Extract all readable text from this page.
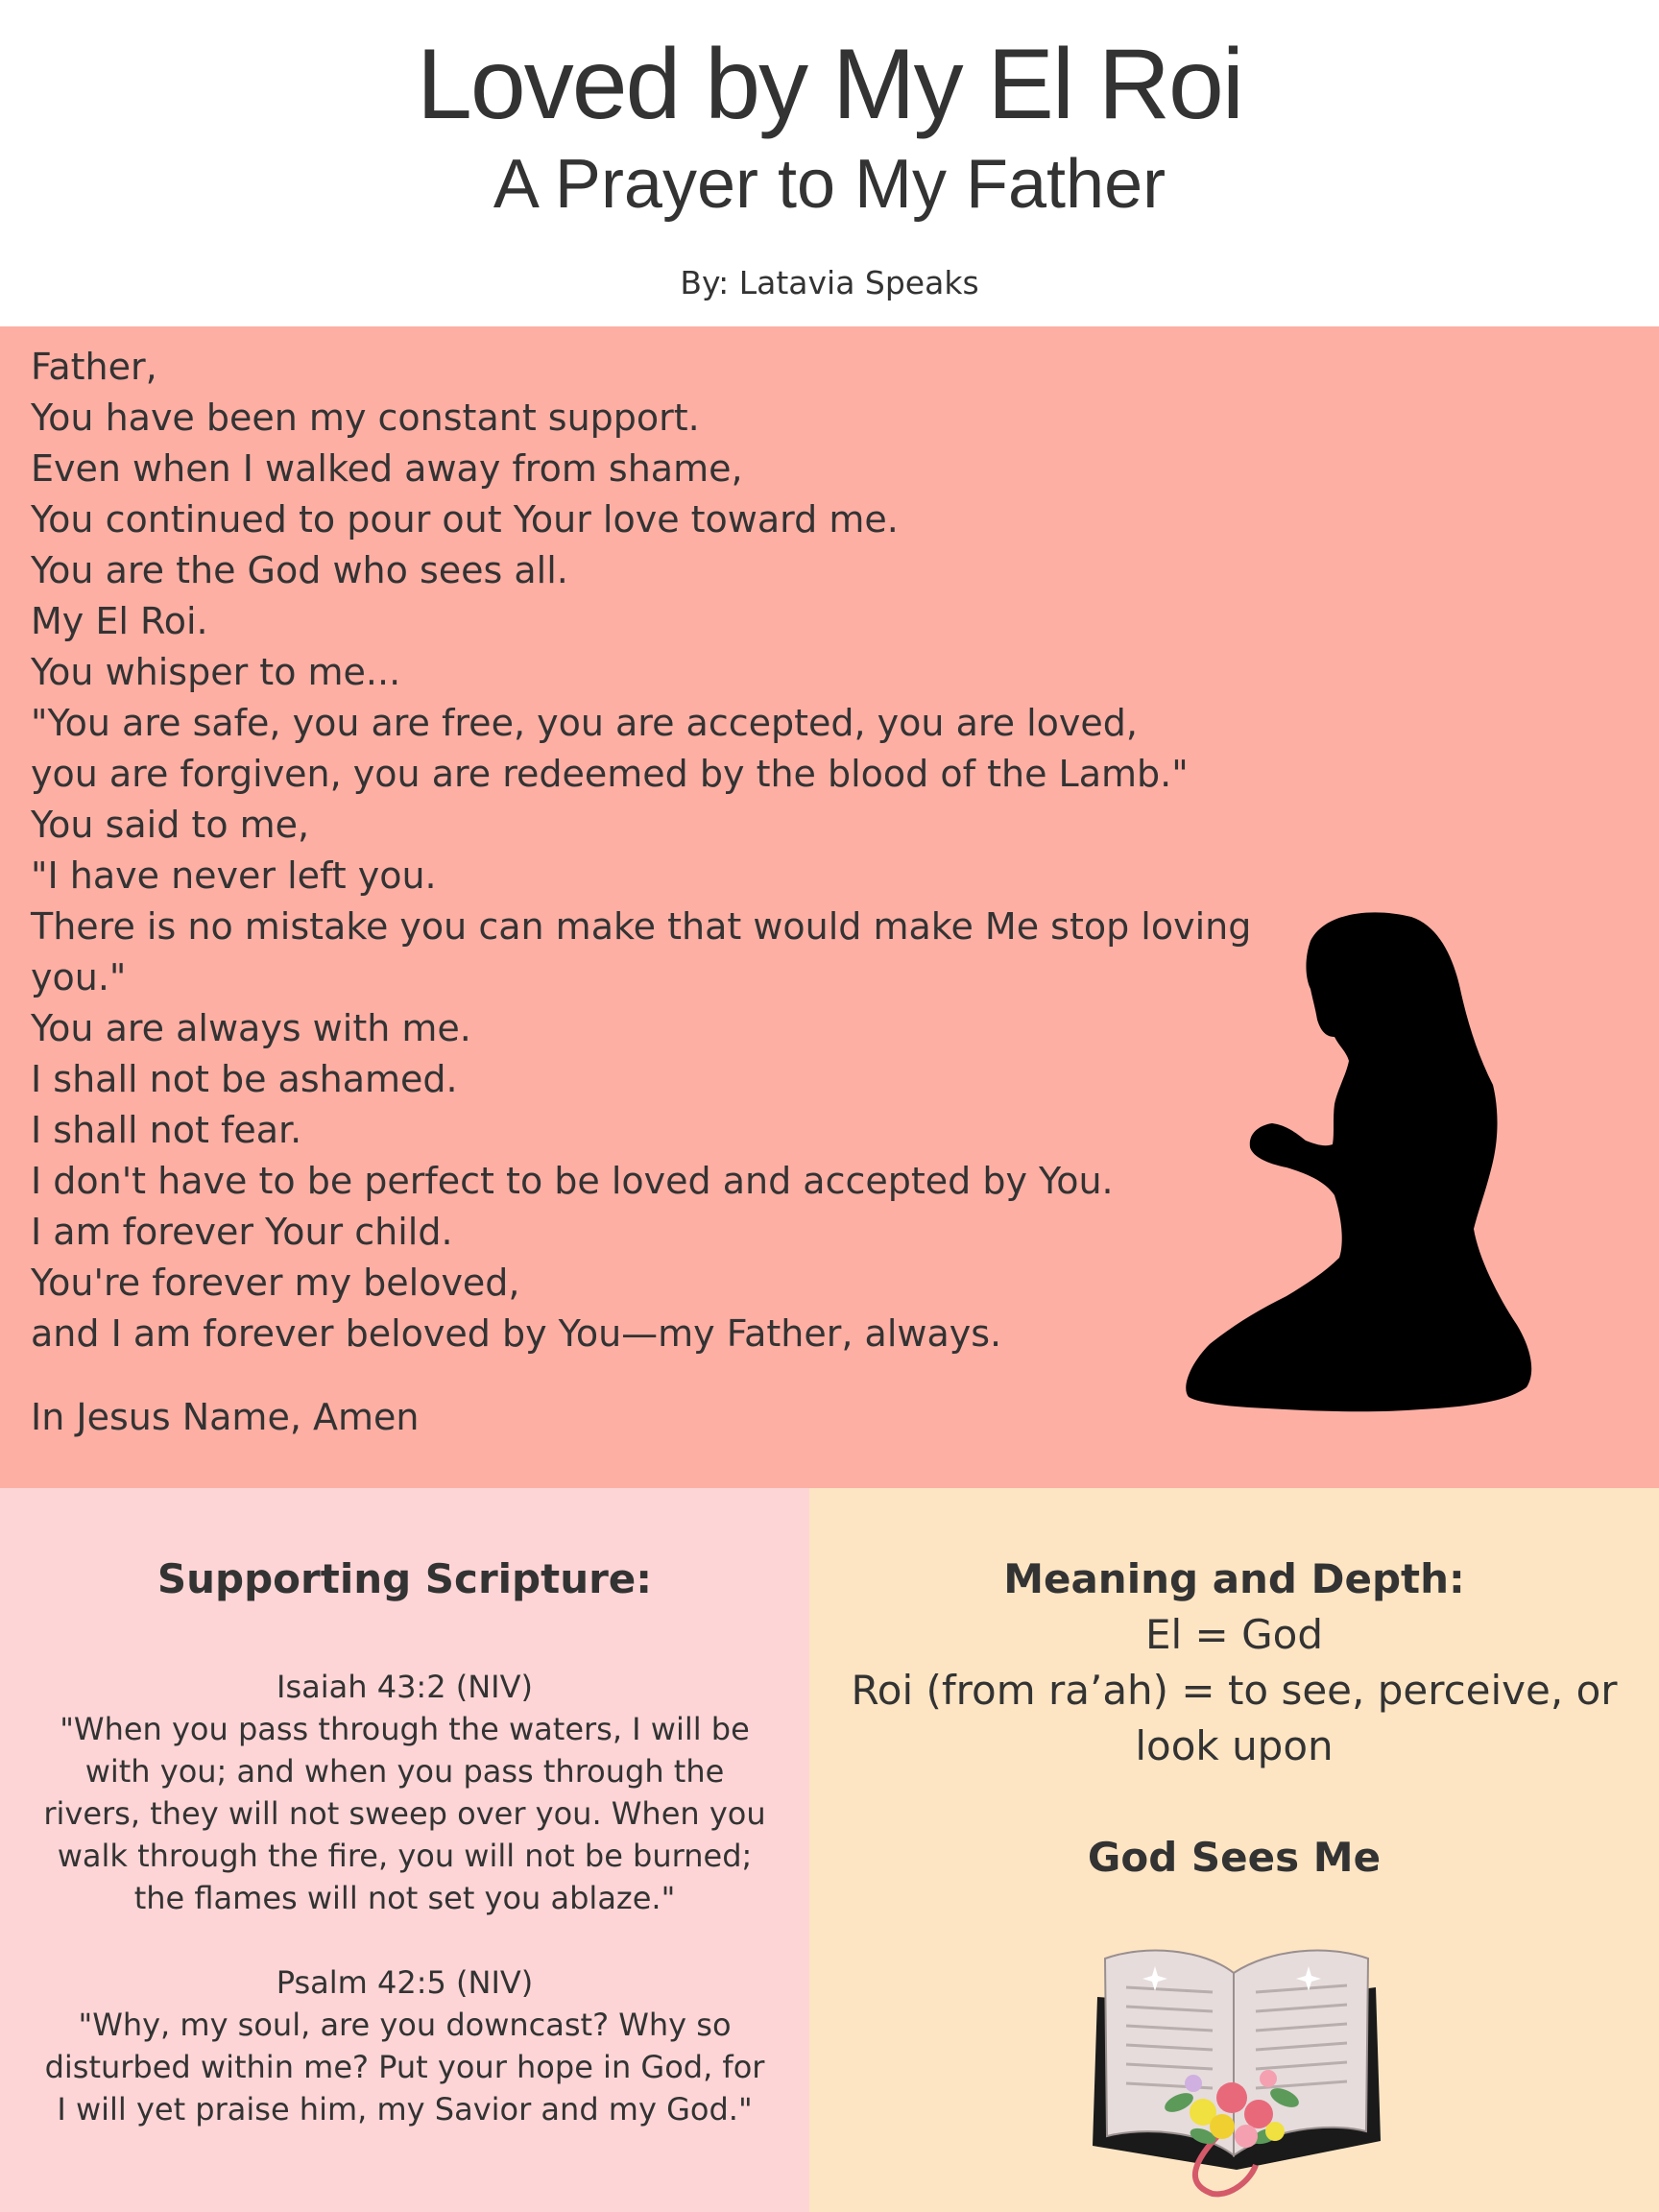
Loved by My El Roi
A Prayer to My Father
By: Latavia Speaks
Father,
You have been my constant support.
Even when I walked away from shame,
You continued to pour out Your love toward me.
You are the God who sees all.
My El Roi.
You whisper to me...
"You are safe, you are free, you are accepted, you are loved,
you are forgiven, you are redeemed by the blood of the Lamb."
You said to me,
"I have never left you.
There is no mistake you can make that would make Me stop loving
you."
You are always with me.
I shall not be ashamed.
I shall not fear.
I don't have to be perfect to be loved and accepted by You.
I am forever Your child.
You're forever my beloved,
and I am forever beloved by You—my Father, always.
In Jesus Name, Amen
Supporting Scripture:
Isaiah 43:2 (NIV)
"When you pass through the waters, I will be with you; and when you pass through the rivers, they will not sweep over you. When you walk through the fire, you will not be burned; the flames will not set you ablaze."
Psalm 42:5 (NIV)
"Why, my soul, are you downcast? Why so disturbed within me? Put your hope in God, for I will yet praise him, my Savior and my God."
Meaning and Depth:
El = God
Roi (from ra’ah) = to see, perceive, or look upon
God Sees Me
